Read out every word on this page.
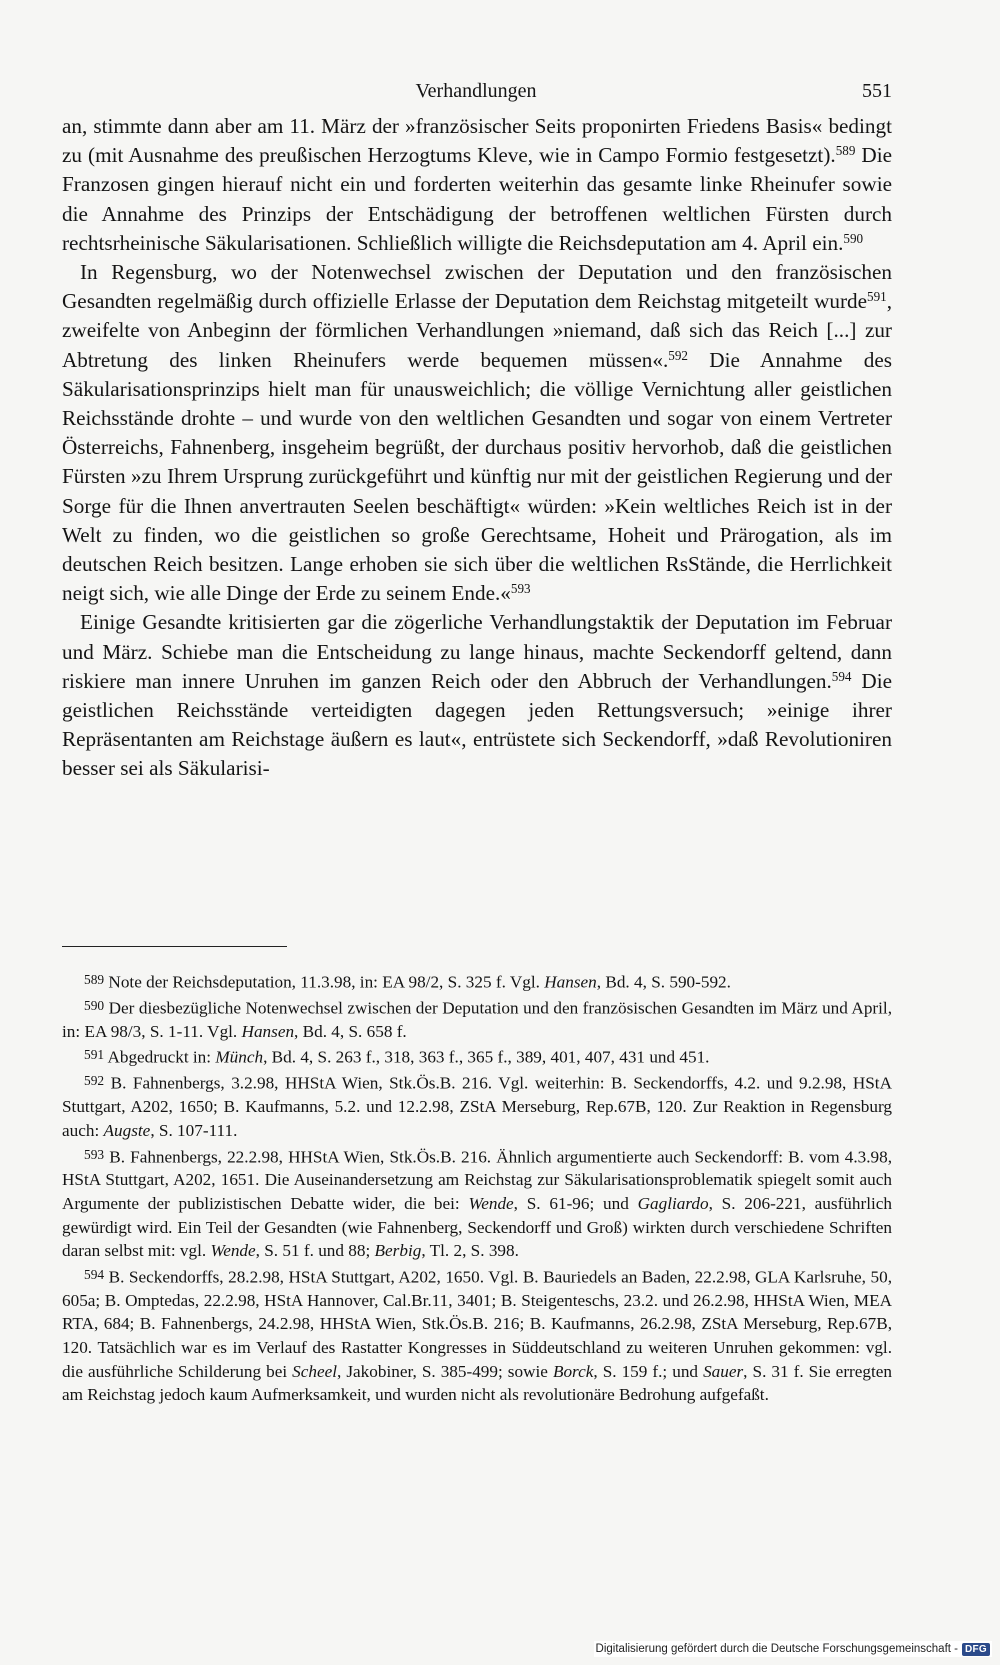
Verhandlungen	551

an, stimmte dann aber am 11. März der »französischer Seits proponirten Friedens Basis« bedingt zu (mit Ausnahme des preußischen Herzogtums Kleve, wie in Campo Formio festgesetzt).$^{589}$ Die Franzosen gingen hierauf nicht ein und forderten weiterhin das gesamte linke Rheinufer sowie die Annahme des Prinzips der Entschädigung der betroffenen weltlichen Fürsten durch rechtsrheinische Säkularisationen. Schließlich willigte die Reichsdeputation am 4. April ein.$^{590}$

In Regensburg, wo der Notenwechsel zwischen der Deputation und den französischen Gesandten regelmäßig durch offizielle Erlasse der Deputation dem Reichstag mitgeteilt wurde$^{591}$, zweifelte von Anbeginn der förmlichen Verhandlungen »niemand, daß sich das Reich [...] zur Abtretung des linken Rheinufers werde bequemen müssen«.$^{592}$ Die Annahme des Säkularisationsprinzips hielt man für unausweichlich; die völlige Vernichtung aller geistlichen Reichsstände drohte – und wurde von den weltlichen Gesandten und sogar von einem Vertreter Österreichs, Fahnenberg, insgeheim begrüßt, der durchaus positiv hervorhob, daß die geistlichen Fürsten »zu Ihrem Ursprung zurückgeführt und künftig nur mit der geistlichen Regierung und der Sorge für die Ihnen anvertrauten Seelen beschäftigt« würden: »Kein weltliches Reich ist in der Welt zu finden, wo die geistlichen so große Gerechtsame, Hoheit und Prärogation, als im deutschen Reich besitzen. Lange erhoben sie sich über die weltlichen RsStände, die Herrlichkeit neigt sich, wie alle Dinge der Erde zu seinem Ende.«$^{593}$

Einige Gesandte kritisierten gar die zögerliche Verhandlungstaktik der Deputation im Februar und März. Schiebe man die Entscheidung zu lange hinaus, machte Seckendorff geltend, dann riskiere man innere Unruhen im ganzen Reich oder den Abbruch der Verhandlungen.$^{594}$ Die geistlichen Reichsstände verteidigten dagegen jeden Rettungsversuch; »einige ihrer Repräsentanten am Reichstage äußern es laut«, entrüstete sich Seckendorff, »daß Revolutioniren besser sei als Säkularisi-

589 Note der Reichsdeputation, 11.3.98, in: EA 98/2, S. 325 f. Vgl. Hansen, Bd. 4, S. 590-592.

590 Der diesbezügliche Notenwechsel zwischen der Deputation und den französischen Gesandten im März und April, in: EA 98/3, S. 1-11. Vgl. Hansen, Bd. 4, S. 658 f.

591 Abgedruckt in: Münch, Bd. 4, S. 263 f., 318, 363 f., 365 f., 389, 401, 407, 431 und 451.

592 B. Fahnenbergs, 3.2.98, HHStA Wien, Stk.Ös.B. 216. Vgl. weiterhin: B. Seckendorffs, 4.2. und 9.2.98, HStA Stuttgart, A202, 1650; B. Kaufmanns, 5.2. und 12.2.98, ZStA Merseburg, Rep.67B, 120. Zur Reaktion in Regensburg auch: Augste, S. 107-111.

593 B. Fahnenbergs, 22.2.98, HHStA Wien, Stk.Ös.B. 216. Ähnlich argumentierte auch Seckendorff: B. vom 4.3.98, HStA Stuttgart, A202, 1651. Die Auseinandersetzung am Reichstag zur Säkularisationsproblematik spiegelt somit auch Argumente der publizistischen Debatte wider, die bei: Wende, S. 61-96; und Gagliardo, S. 206-221, ausführlich gewürdigt wird. Ein Teil der Gesandten (wie Fahnenberg, Seckendorff und Groß) wirkten durch verschiedene Schriften daran selbst mit: vgl. Wende, S. 51 f. und 88; Berbig, Tl. 2, S. 398.

594 B. Seckendorffs, 28.2.98, HStA Stuttgart, A202, 1650. Vgl. B. Bauriedels an Baden, 22.2.98, GLA Karlsruhe, 50, 605a; B. Omptedas, 22.2.98, HStA Hannover, Cal.Br.11, 3401; B. Steigenteschs, 23.2. und 26.2.98, HHStA Wien, MEA RTA, 684; B. Fahnenbergs, 24.2.98, HHStA Wien, Stk.Ös.B. 216; B. Kaufmanns, 26.2.98, ZStA Merseburg, Rep.67B, 120. Tatsächlich war es im Verlauf des Rastatter Kongresses in Süddeutschland zu weiteren Unruhen gekommen: vgl. die ausführliche Schilderung bei Scheel, Jakobiner, S. 385-499; sowie Borck, S. 159 f.; und Sauer, S. 31 f. Sie erregten am Reichstag jedoch kaum Aufmerksamkeit, und wurden nicht als revolutionäre Bedrohung aufgefaßt.

Digitalisierung gefördert durch die Deutsche Forschungsgemeinschaft - DFG
